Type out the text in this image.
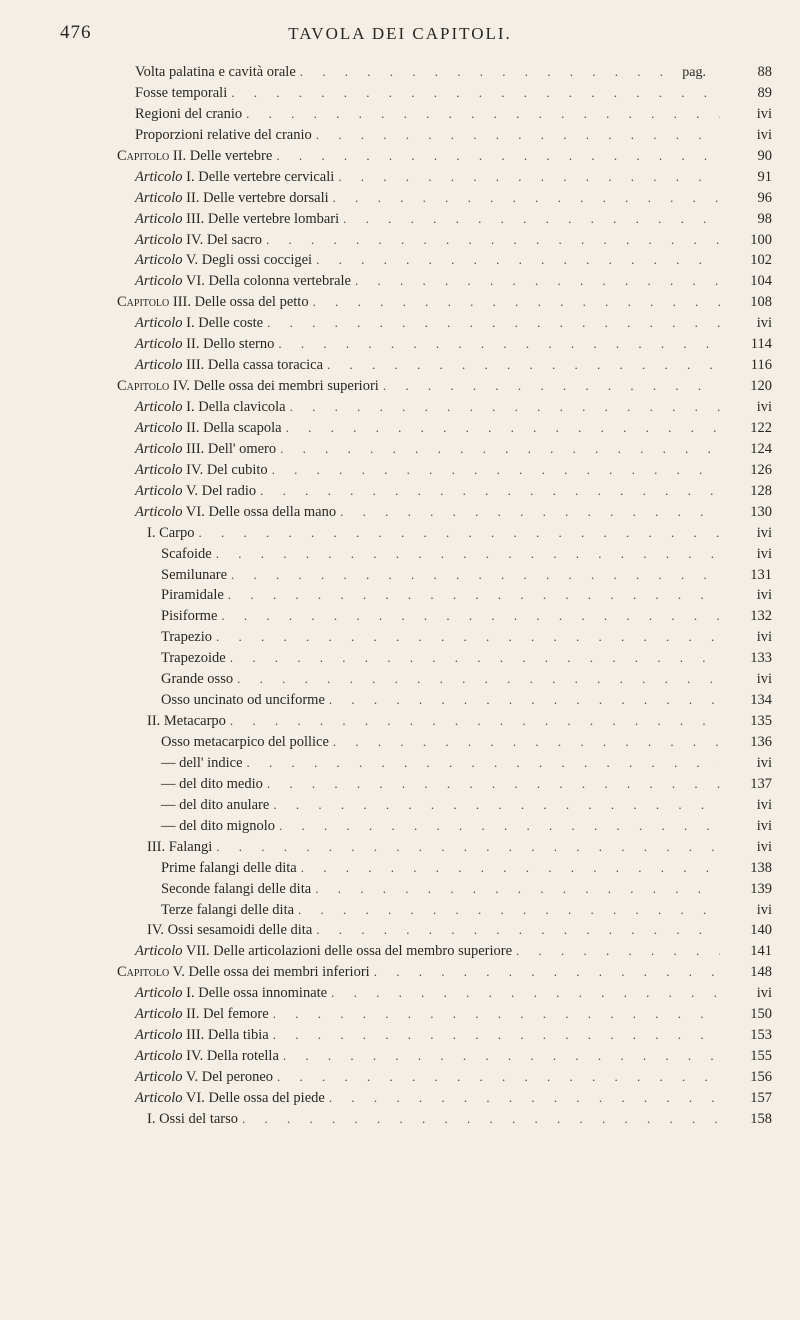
476	TAVOLA DEI CAPITOLI.
Volta palatina e cavità orale . . .	pag.	88
Fosse temporali . . .	89
Regioni del cranio . . .	ivi
Proporzioni relative del cranio . . .	ivi
Capitolo II. Delle vertebre . . .	90
Articolo I. Delle vertebre cervicali . . .	91
Articolo II. Delle vertebre dorsali . . .	96
Articolo III. Delle vertebre lombari . . .	98
Articolo IV. Del sacro . . .	100
Articolo V. Degli ossi coccigei . . .	102
Articolo VI. Della colonna vertebrale . . .	104
Capitolo III. Delle ossa del petto . . .	108
Articolo I. Delle coste . . .	ivi
Articolo II. Dello sterno . . .	114
Articolo III. Della cassa toracica . . .	116
Capitolo IV. Delle ossa dei membri superiori . . .	120
Articolo I. Della clavicola . . .	ivi
Articolo II. Della scapola . . .	122
Articolo III. Dell' omero . . .	124
Articolo IV. Del cubito . . .	126
Articolo V. Del radio . . .	128
Articolo VI. Delle ossa della mano . . .	130
I. Carpo . . .	ivi
Scafoide . . .	ivi
Semilunare . . .	131
Piramidale . . .	ivi
Pisiforme . . .	132
Trapezio . . .	ivi
Trapezoide . . .	133
Grande osso . . .	ivi
Osso uncinato od unciforme . . .	134
II. Metacarpo . . .	135
Osso metacarpico del pollice . . .	136
— dell' indice . . .	ivi
— del dito medio . . .	137
— del dito anulare . . .	ivi
— del dito mignolo . . .	ivi
III. Falangi . . .	ivi
Prime falangi delle dita . . .	138
Seconde falangi delle dita . . .	139
Terze falangi delle dita . . .	ivi
IV. Ossi sesamoidi delle dita . . .	140
Articolo VII. Delle articolazioni delle ossa del membro superiore . . .	141
Capitolo V. Delle ossa dei membri inferiori . . .	148
Articolo I. Delle ossa innominate . . .	ivi
Articolo II. Del femore . . .	150
Articolo III. Della tibia . . .	153
Articolo IV. Della rotella . . .	155
Articolo V. Del peroneo . . .	156
Articolo VI. Delle ossa del piede . . .	157
I. Ossi del tarso . . .	158
